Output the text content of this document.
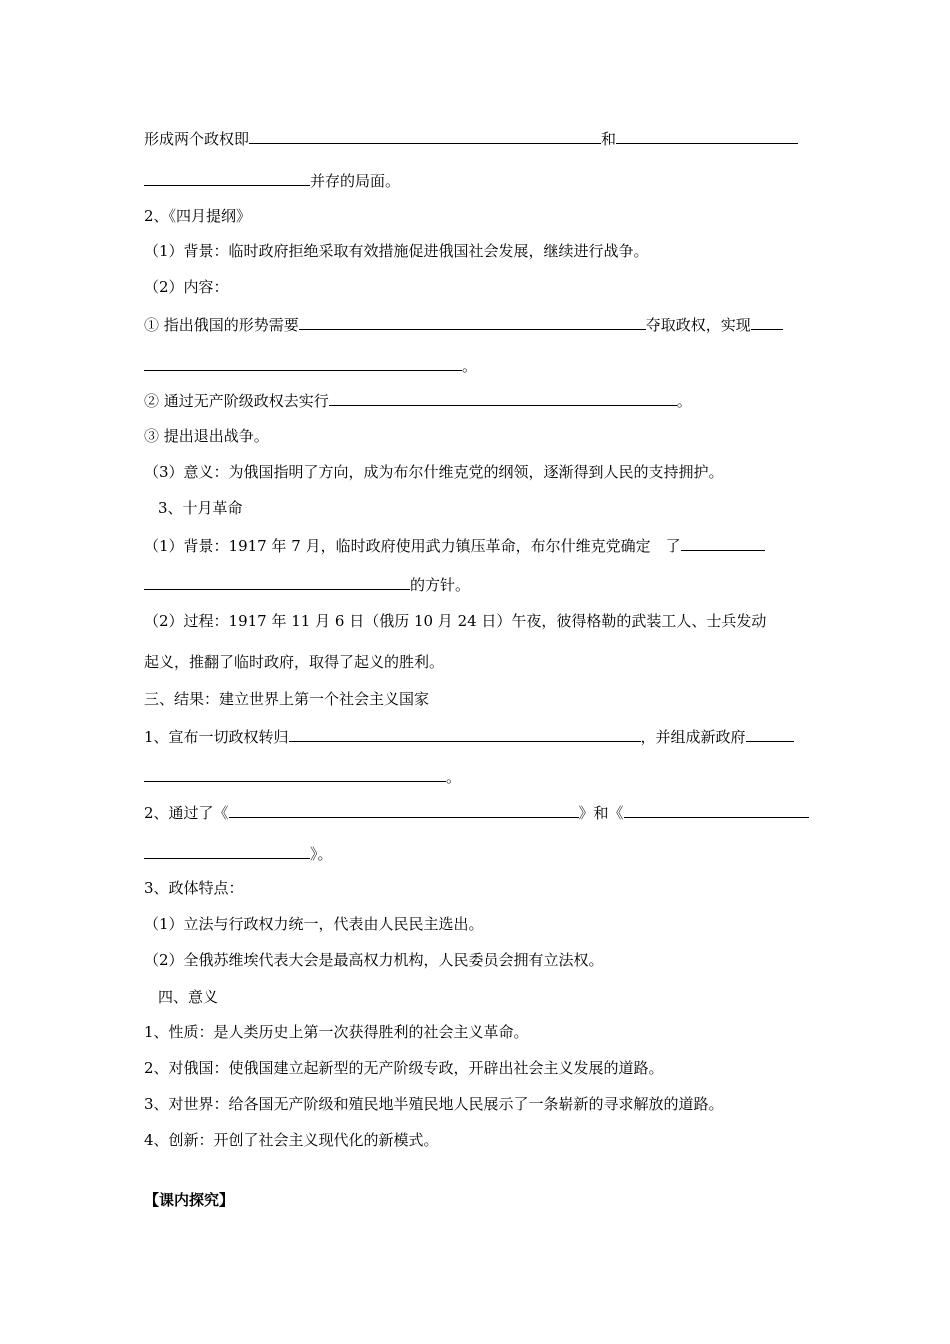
形成两个政权即	和
并存的局面。
2、《四月提纲》
（1）背景：临时政府拒绝采取有效措施促进俄国社会发展，继续进行战争。
（2）内容：
① 指出俄国的形势需要	夺取政权，实现
。
② 通过无产阶级政权去实行	。
③ 提出退出战争。
（3）意义：为俄国指明了方向，成为布尔什维克党的纲领，逐渐得到人民的支持拥护。
3、十月革命
（1）背景：1917 年 7 月，临时政府使用武力镇压革命，布尔什维克党确定　了
的方针。
（2）过程：1917 年 11 月 6 日（俄历 10 月 24 日）午夜，彼得格勒的武装工人、士兵发动
起义，推翻了临时政府，取得了起义的胜利。
三、结果：建立世界上第一个社会主义国家
1、宣布一切政权转归	，并组成新政府
。
2、通过了《	》和《
》。
3、政体特点：
（1）立法与行政权力统一，代表由人民民主选出。
（2）全俄苏维埃代表大会是最高权力机构，人民委员会拥有立法权。
四、意义
1、性质：是人类历史上第一次获得胜利的社会主义革命。
2、对俄国：使俄国建立起新型的无产阶级专政，开辟出社会主义发展的道路。
3、对世界：给各国无产阶级和殖民地半殖民地人民展示了一条崭新的寻求解放的道路。
4、创新：开创了社会主义现代化的新模式。
【课内探究】
